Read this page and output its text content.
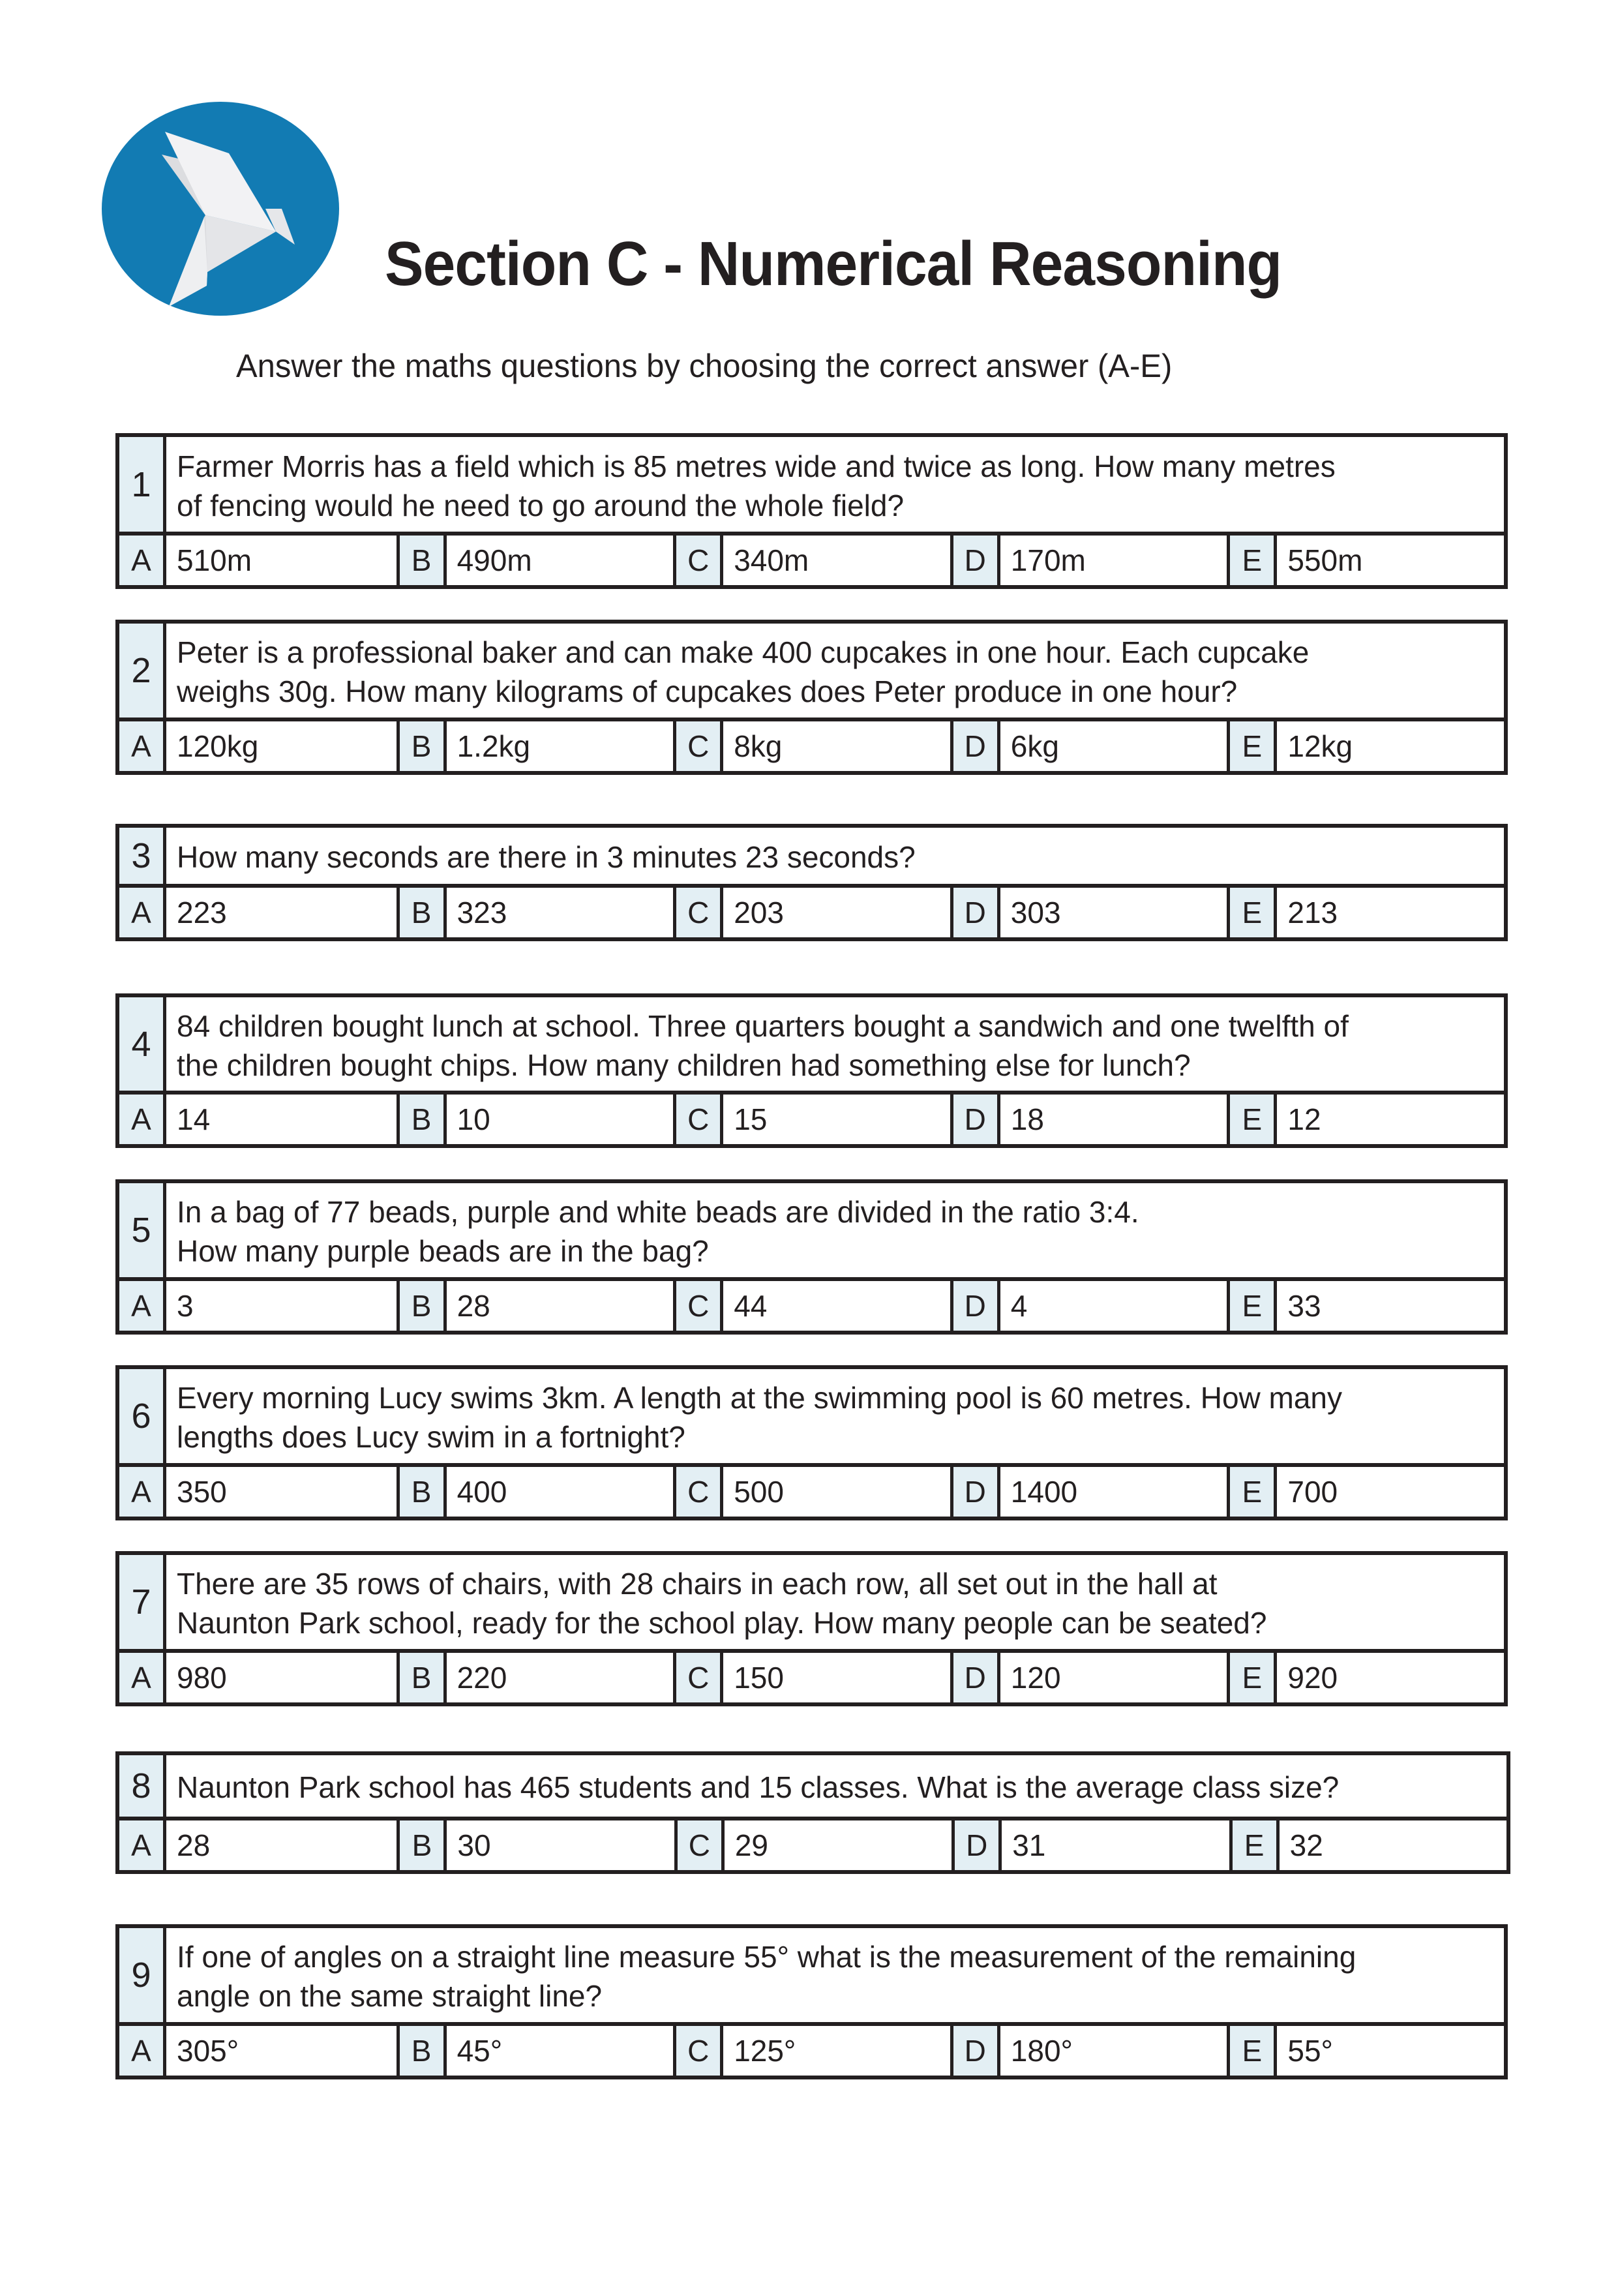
Section C - Numerical Reasoning
Answer the maths questions by choosing the correct answer (A-E)
1 Farmer Morris has a field which is 85 metres wide and twice as long. How many metres
of fencing would he need to go around the whole field?
A 510m	B 490m	C 340m	D 170m	E 550m
2 Peter is a professional baker and can make 400 cupcakes in one hour. Each cupcake
weighs 30g. How many kilograms of cupcakes does Peter produce in one hour?
A 120kg	B 1.2kg	C 8kg	D 6kg	E 12kg
3 How many seconds are there in 3 minutes 23 seconds?
A 223	B 323	C 203	D 303	E 213
4 84 children bought lunch at school. Three quarters bought a sandwich and one twelfth of
the children bought chips. How many children had something else for lunch?
A 14	B 10	C 15	D 18	E 12
5 In a bag of 77 beads, purple and white beads are divided in the ratio 3:4.
How many purple beads are in the bag?
A 3	B 28	C 44	D 4	E 33
6 Every morning Lucy swims 3km. A length at the swimming pool is 60 metres. How many
lengths does Lucy swim in a fortnight?
A 350	B 400	C 500	D 1400	E 700
7 There are 35 rows of chairs, with 28 chairs in each row, all set out in the hall at
Naunton Park school, ready for the school play. How many people can be seated?
A 980	B 220	C 150	D 120	E 920
8 Naunton Park school has 465 students and 15 classes. What is the average class size?
A 28	B 30	C 29	D 31	E 32
9 If one of angles on a straight line measure 55° what is the measurement of the remaining
angle on the same straight line?
A 305°	B 45°	C 125°	D 180°	E 55°
